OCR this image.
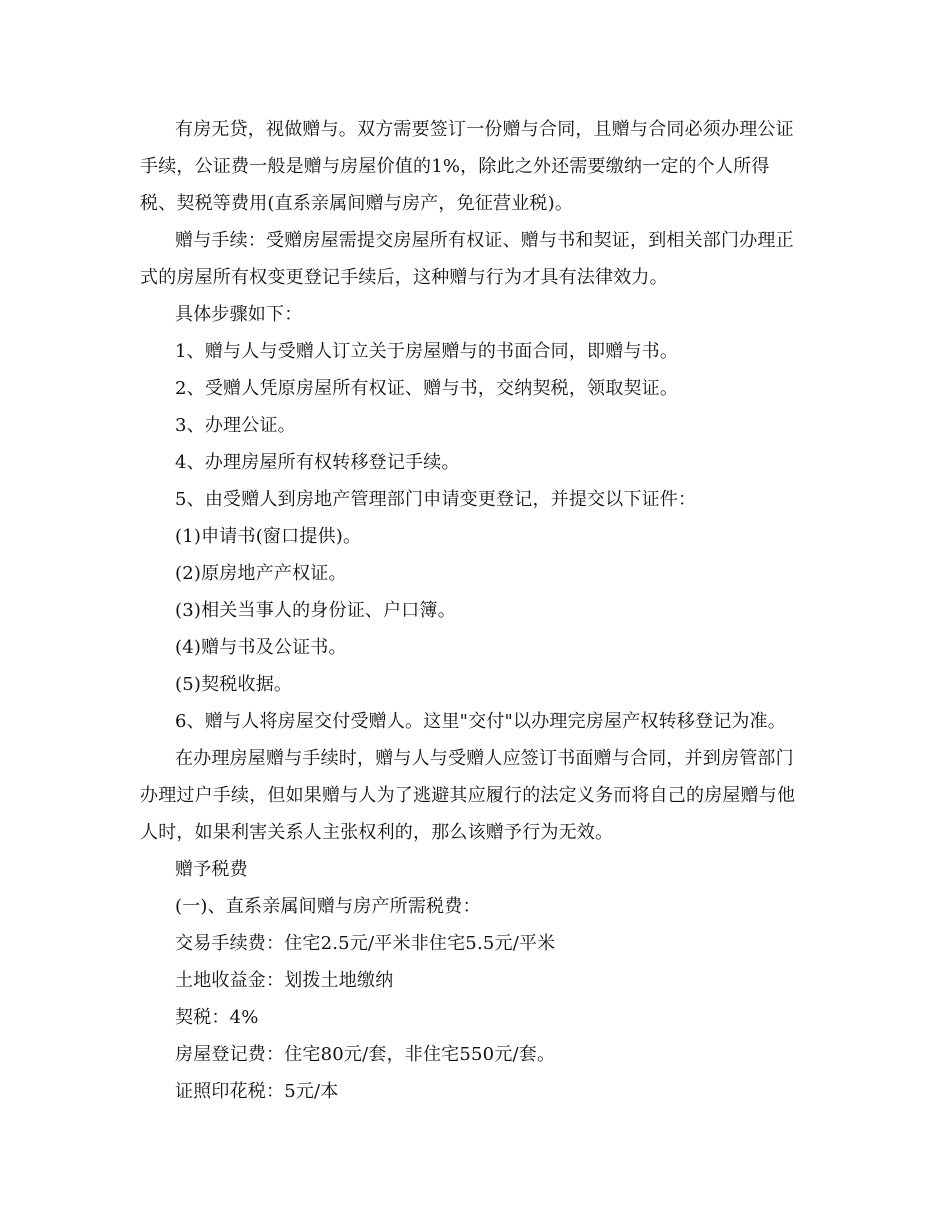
有房无贷，视做赠与。双方需要签订一份赠与合同，且赠与合同必须办理公证
手续，公证费一般是赠与房屋价值的1%，除此之外还需要缴纳一定的个人所得
税、契税等费用(直系亲属间赠与房产，免征营业税)。
赠与手续：受赠房屋需提交房屋所有权证、赠与书和契证，到相关部门办理正
式的房屋所有权变更登记手续后，这种赠与行为才具有法律效力。
具体步骤如下：
1、赠与人与受赠人订立关于房屋赠与的书面合同，即赠与书。
2、受赠人凭原房屋所有权证、赠与书，交纳契税，领取契证。
3、办理公证。
4、办理房屋所有权转移登记手续。
5、由受赠人到房地产管理部门申请变更登记，并提交以下证件：
(1)申请书(窗口提供)。
(2)原房地产产权证。
(3)相关当事人的身份证、户口簿。
(4)赠与书及公证书。
(5)契税收据。
6、赠与人将房屋交付受赠人。这里"交付"以办理完房屋产权转移登记为准。
在办理房屋赠与手续时，赠与人与受赠人应签订书面赠与合同，并到房管部门
办理过户手续，但如果赠与人为了逃避其应履行的法定义务而将自己的房屋赠与他
人时，如果利害关系人主张权利的，那么该赠予行为无效。
赠予税费
(一)、直系亲属间赠与房产所需税费：
交易手续费：住宅2.5元/平米非住宅5.5元/平米
土地收益金：划拨土地缴纳
契税：4%
房屋登记费：住宅80元/套，非住宅550元/套。
证照印花税：5元/本
